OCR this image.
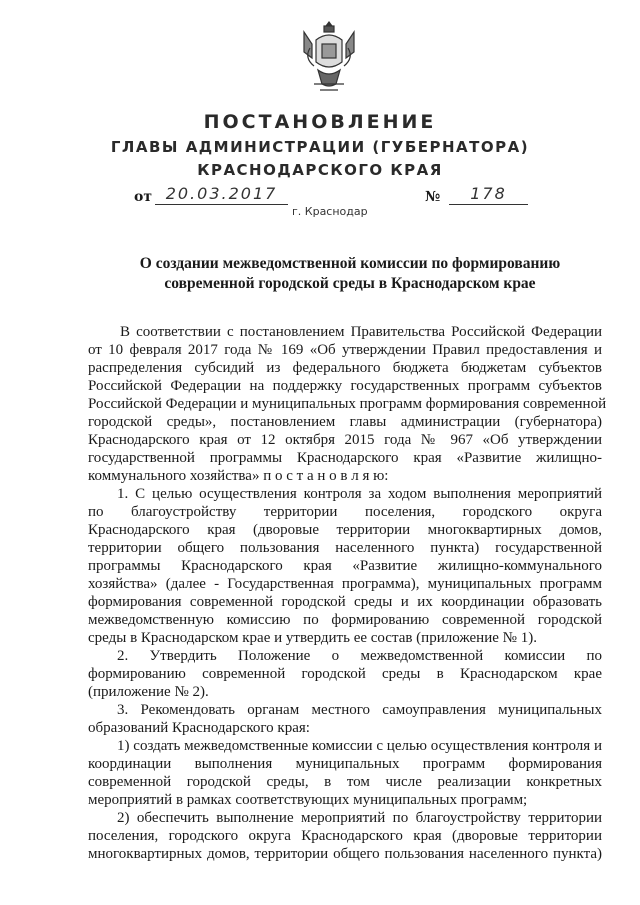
ПОСТАНОВЛЕНИЕ
ГЛАВЫ АДМИНИСТРАЦИИ (ГУБЕРНАТОРА)
КРАСНОДАРСКОГО КРАЯ
от 20.03.2017	№	178
г. Краснодар
О создании межведомственной комиссии по формированию
современной городской среды в Краснодарском крае
В соответствии с постановлением Правительства Российской Федерации
от 10 февраля 2017 года № 169 «Об утверждении Правил предоставления и
распределения субсидий из федерального бюджета бюджетам субъектов
Российской Федерации на поддержку государственных программ субъектов
Российской Федерации и муниципальных программ формирования современной
городской среды», постановлением главы администрации (губернатора)
Краснодарского края от 12 октября 2015 года № 967 «Об утверждении
государственной программы Краснодарского края «Развитие жилищно-
коммунального хозяйства» п о с т а н о в л я ю:
1. С целью осуществления контроля за ходом выполнения мероприятий
по благоустройству территории поселения, городского округа
Краснодарского края (дворовые территории многоквартирных домов,
территории общего пользования населенного пункта) государственной
программы Краснодарского края «Развитие жилищно-коммунального
хозяйства» (далее - Государственная программа), муниципальных программ
формирования современной городской среды и их координации образовать
межведомственную комиссию по формированию современной городской
среды в Краснодарском крае и утвердить ее состав (приложение № 1).
2. Утвердить Положение о межведомственной комиссии по
формированию современной городской среды в Краснодарском крае
(приложение № 2).
3. Рекомендовать органам местного самоуправления муниципальных
образований Краснодарского края:
1) создать межведомственные комиссии с целью осуществления контроля и
координации выполнения муниципальных программ формирования
современной городской среды, в том числе реализации конкретных
мероприятий в рамках соответствующих муниципальных программ;
2) обеспечить выполнение мероприятий по благоустройству территории
поселения, городского округа Краснодарского края (дворовые территории
многоквартирных домов, территории общего пользования населенного пункта)
